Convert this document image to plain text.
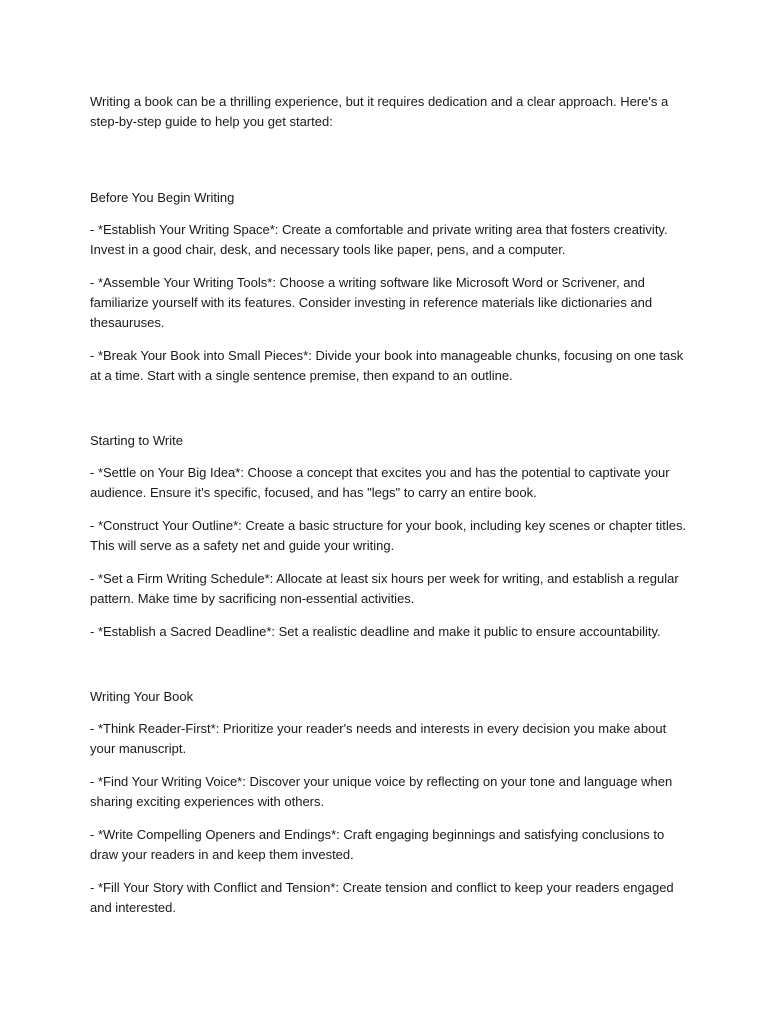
Writing a book can be a thrilling experience, but it requires dedication and a clear approach. Here's a step-by-step guide to help you get started:

Before You Begin Writing

- *Establish Your Writing Space*: Create a comfortable and private writing area that fosters creativity. Invest in a good chair, desk, and necessary tools like paper, pens, and a computer.

- *Assemble Your Writing Tools*: Choose a writing software like Microsoft Word or Scrivener, and familiarize yourself with its features. Consider investing in reference materials like dictionaries and thesauruses.

- *Break Your Book into Small Pieces*: Divide your book into manageable chunks, focusing on one task at a time. Start with a single sentence premise, then expand to an outline.

Starting to Write

- *Settle on Your Big Idea*: Choose a concept that excites you and has the potential to captivate your audience. Ensure it's specific, focused, and has "legs" to carry an entire book.

- *Construct Your Outline*: Create a basic structure for your book, including key scenes or chapter titles. This will serve as a safety net and guide your writing.

- *Set a Firm Writing Schedule*: Allocate at least six hours per week for writing, and establish a regular pattern. Make time by sacrificing non-essential activities.

- *Establish a Sacred Deadline*: Set a realistic deadline and make it public to ensure accountability.

Writing Your Book

- *Think Reader-First*: Prioritize your reader's needs and interests in every decision you make about your manuscript.

- *Find Your Writing Voice*: Discover your unique voice by reflecting on your tone and language when sharing exciting experiences with others.

- *Write Compelling Openers and Endings*: Craft engaging beginnings and satisfying conclusions to draw your readers in and keep them invested.

- *Fill Your Story with Conflict and Tension*: Create tension and conflict to keep your readers engaged and interested.
